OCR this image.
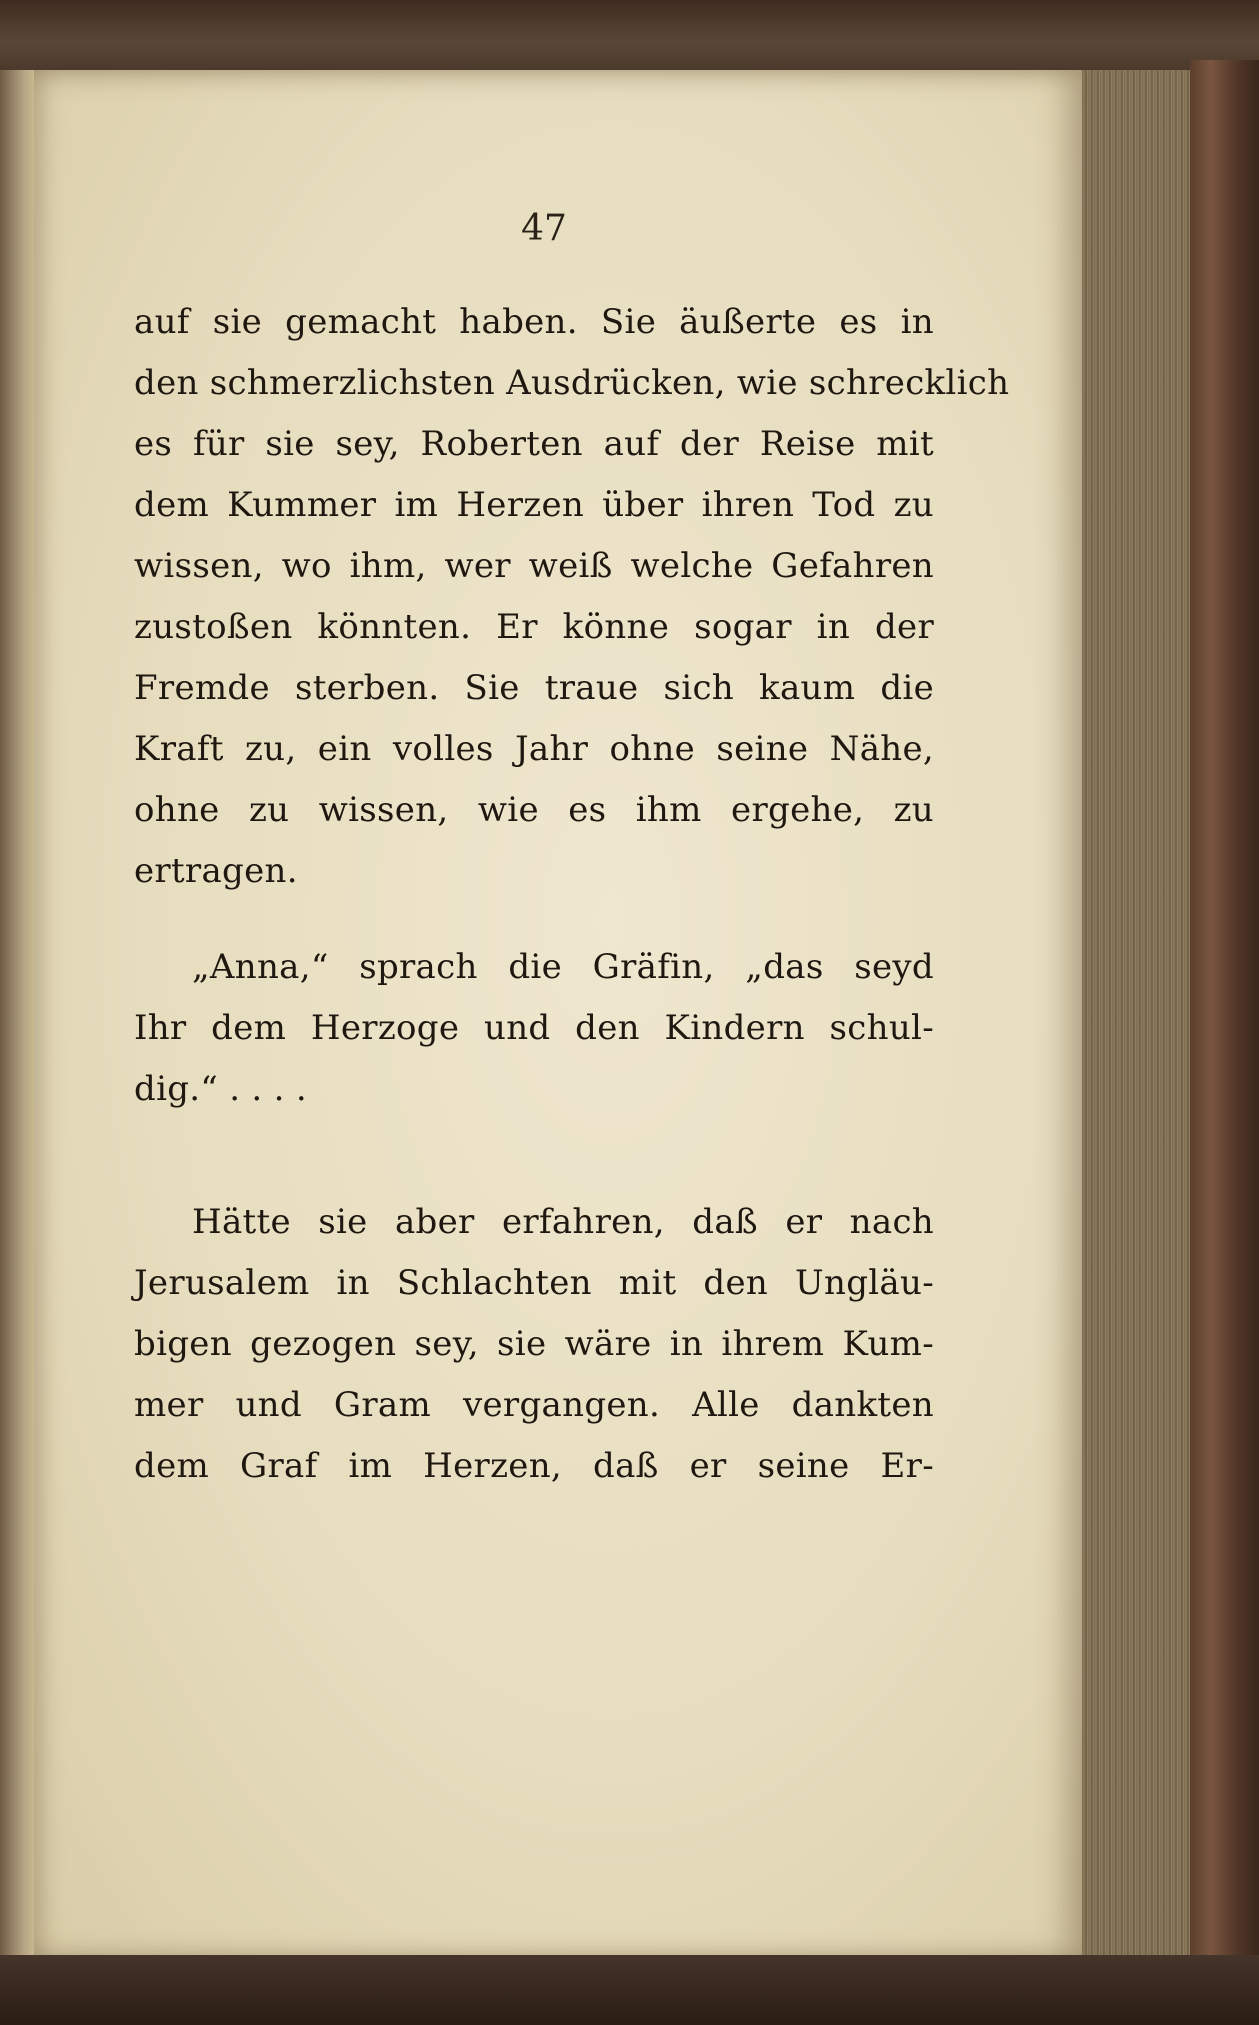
47
auf sie gemacht haben. Sie äußerte es in
den schmerzlichsten Ausdrücken, wie schrecklich
es für sie sey, Roberten auf der Reise mit
dem Kummer im Herzen über ihren Tod zu
wissen, wo ihm, wer weiß welche Gefahren
zustoßen könnten. Er könne sogar in der
Fremde sterben. Sie traue sich kaum die
Kraft zu, ein volles Jahr ohne seine Nähe,
ohne zu wissen, wie es ihm ergehe, zu
ertragen.
„Anna,“ sprach die Gräfin, „das seyd
Ihr dem Herzoge und den Kindern schul-
dig.“ . . . .
Hätte sie aber erfahren, daß er nach
Jerusalem in Schlachten mit den Ungläu-
bigen gezogen sey, sie wäre in ihrem Kum-
mer und Gram vergangen. Alle dankten
dem Graf im Herzen, daß er seine Er-
